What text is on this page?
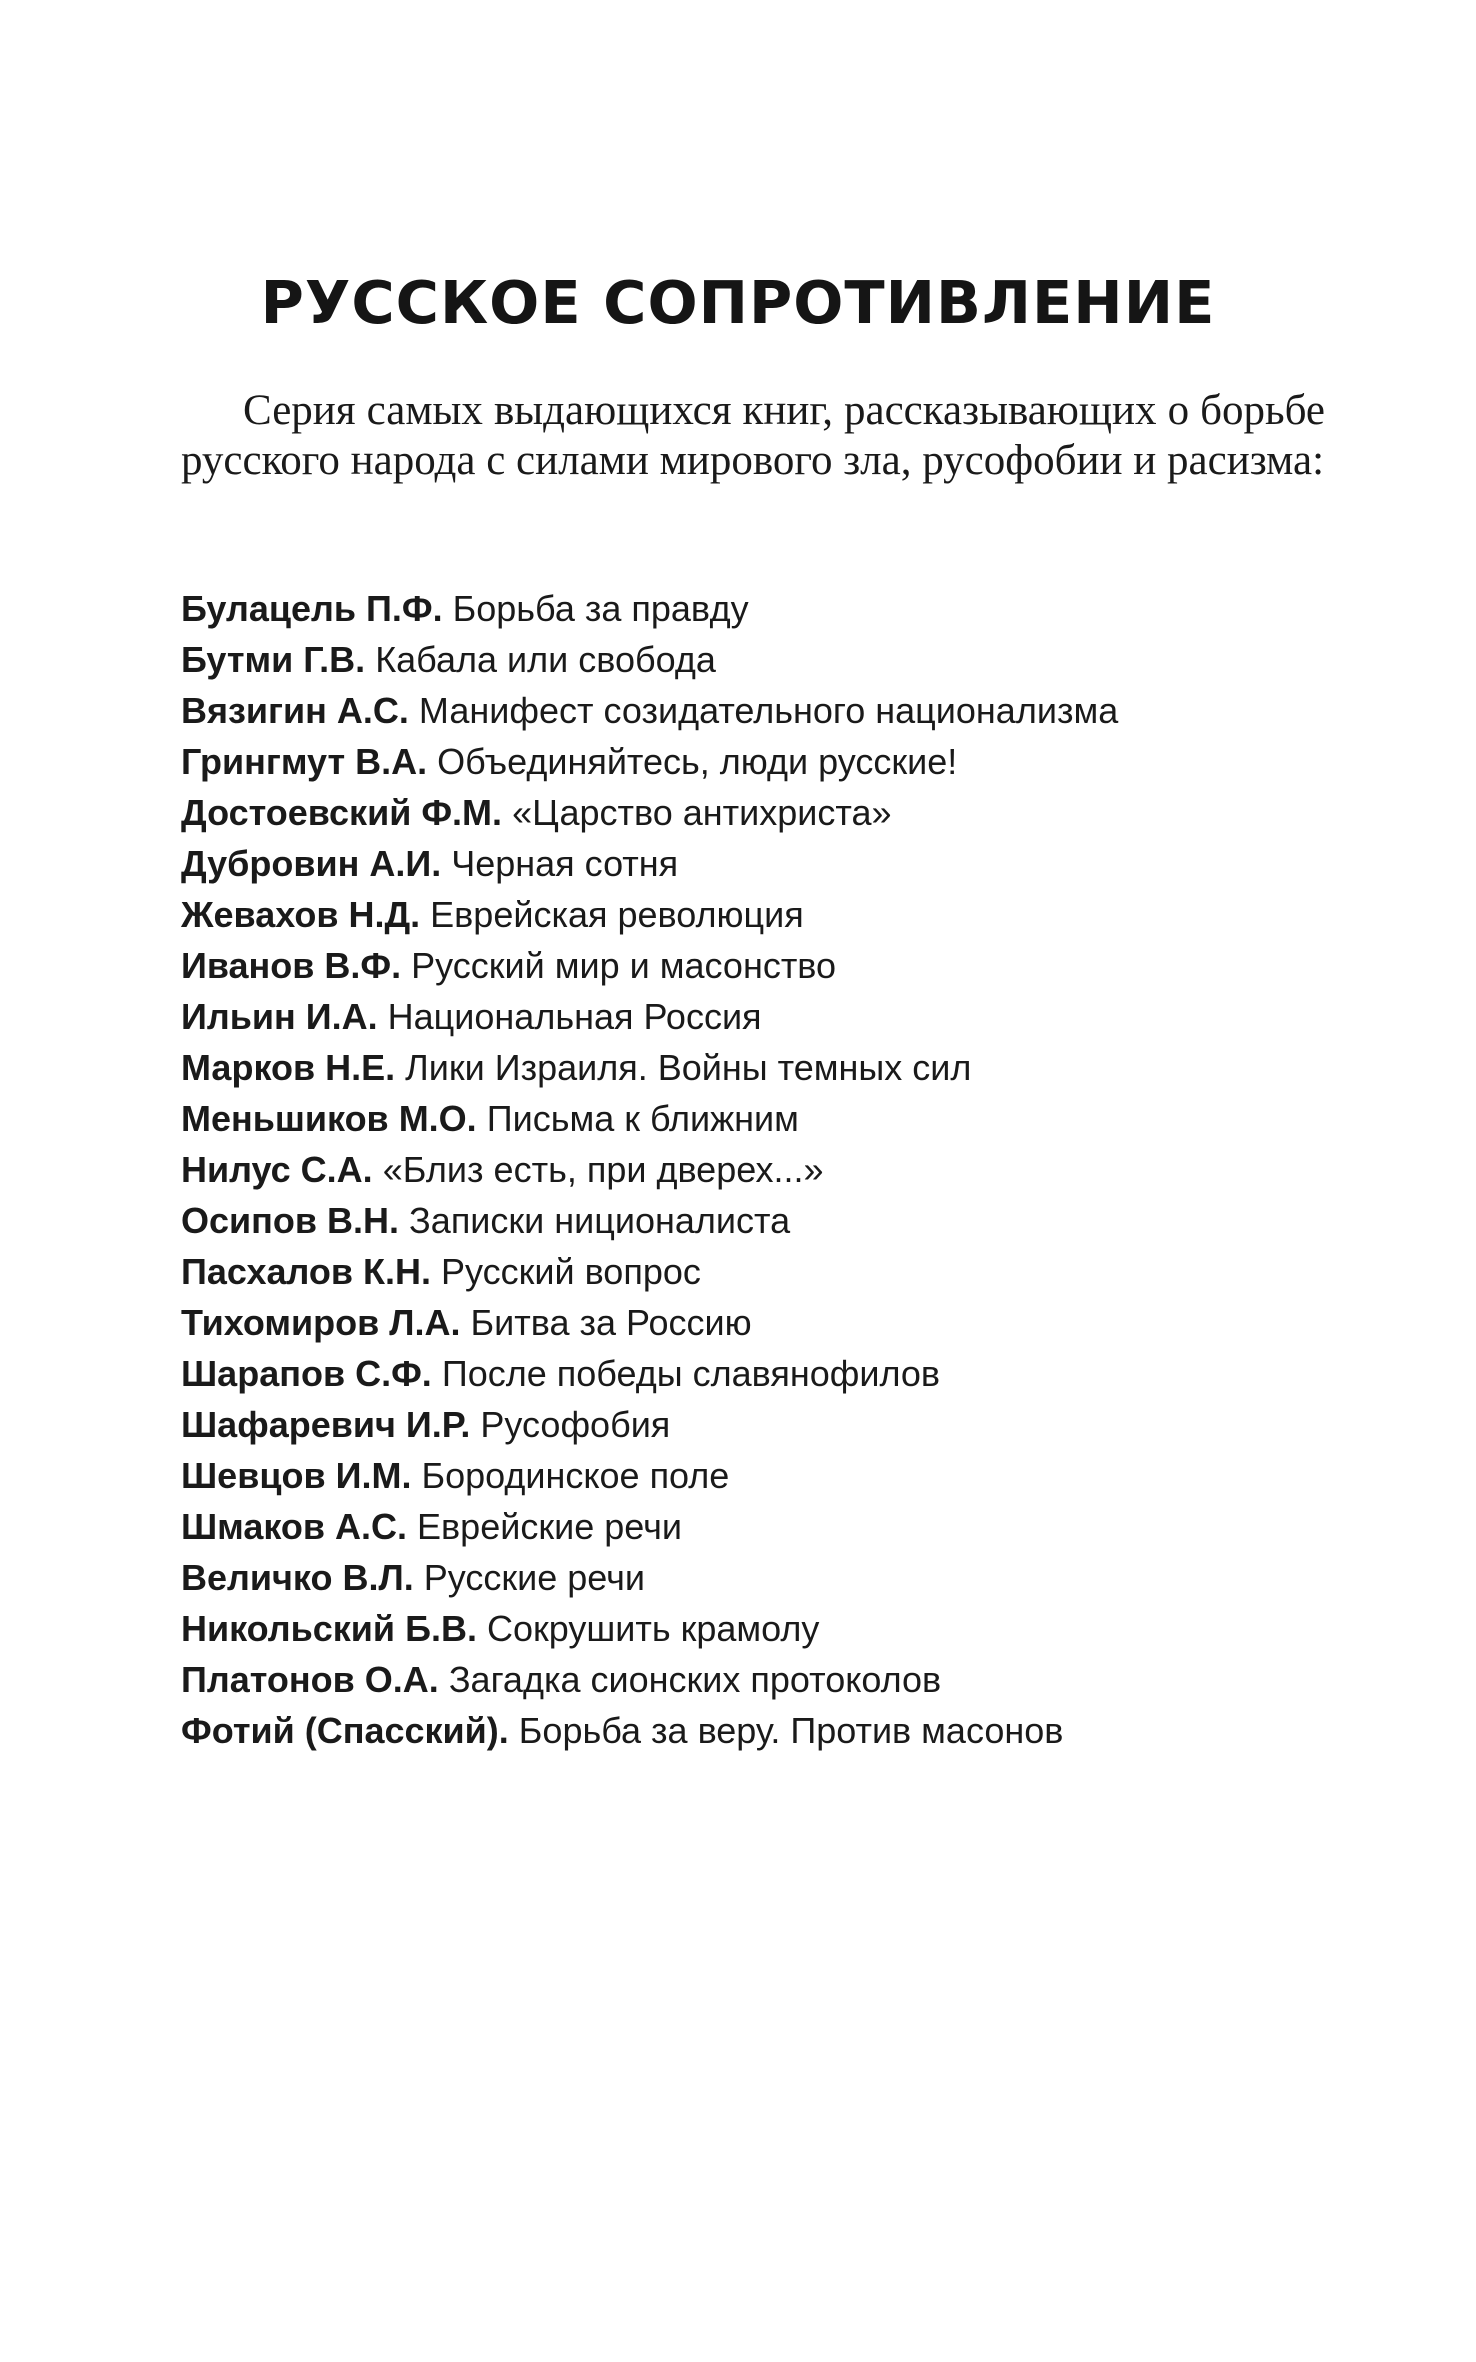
РУССКОЕ СОПРОТИВЛЕНИЕ

Серия самых выдающихся книг, рассказывающих о борьбе русского народа с силами мирового зла, русофобии и расизма:

Булацель П.Ф. Борьба за правду
Бутми Г.В. Кабала или свобода
Вязигин А.С. Манифест созидательного национализма
Грингмут В.А. Объединяйтесь, люди русские!
Достоевский Ф.М. «Царство антихриста»
Дубровин А.И. Черная сотня
Жевахов Н.Д. Еврейская революция
Иванов В.Ф. Русский мир и масонство
Ильин И.А. Национальная Россия
Марков Н.Е. Лики Израиля. Войны темных сил
Меньшиков М.О. Письма к ближним
Нилус С.А. «Близ есть, при дверех...»
Осипов В.Н. Записки ниционалиста
Пасхалов К.Н. Русский вопрос
Тихомиров Л.А. Битва за Россию
Шарапов С.Ф. После победы славянофилов
Шафаревич И.Р. Русофобия
Шевцов И.М. Бородинское поле
Шмаков А.С. Еврейские речи
Величко В.Л. Русские речи
Никольский Б.В. Сокрушить крамолу
Платонов О.А. Загадка сионских протоколов
Фотий (Спасский). Борьба за веру. Против масонов
